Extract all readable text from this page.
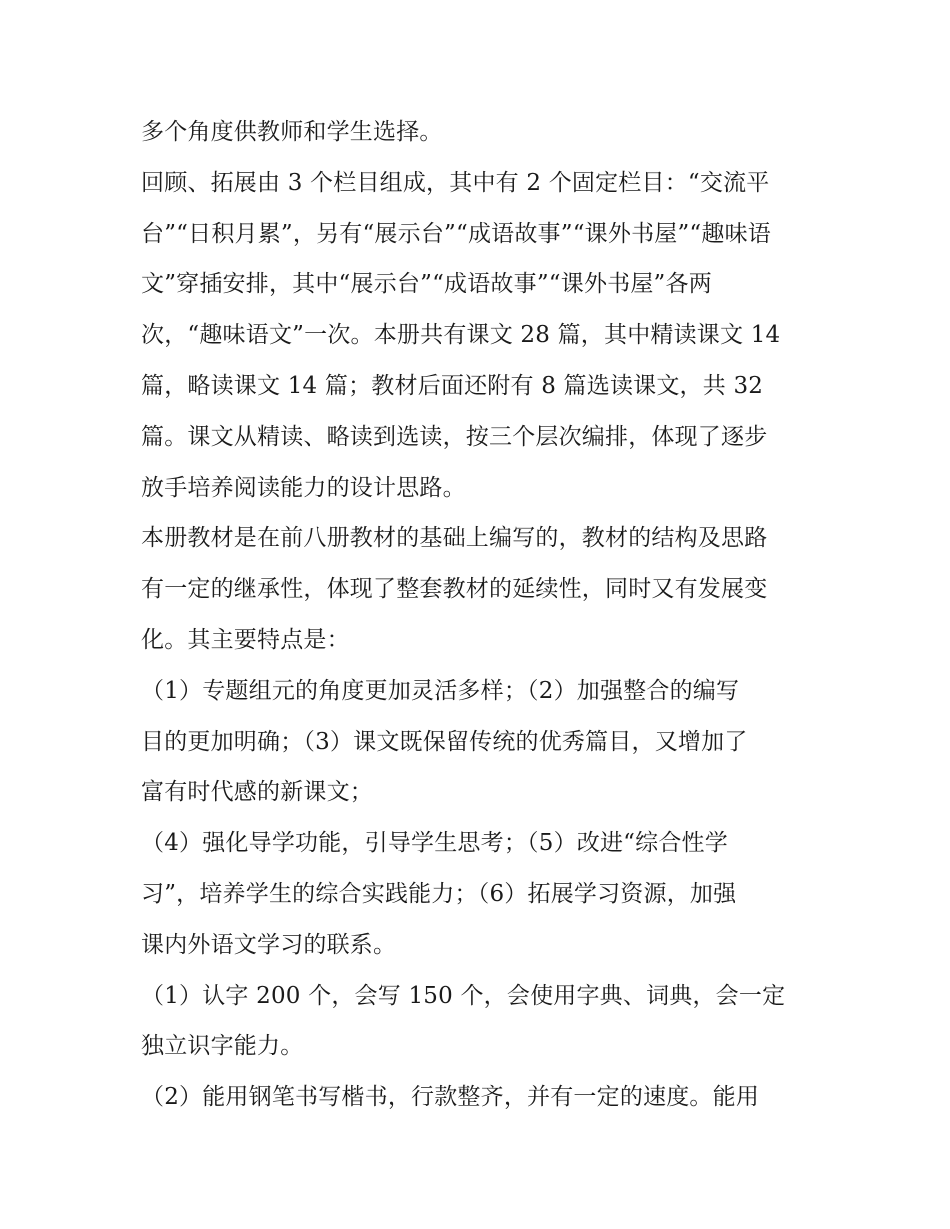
多个角度供教师和学生选择。
回顾、拓展由 3 个栏目组成，其中有 2 个固定栏目：“交流平
台”“日积月累”，另有“展示台”“成语故事”“课外书屋”“趣味语
文”穿插安排，其中“展示台”“成语故事”“课外书屋”各两
次，“趣味语文”一次。本册共有课文 28 篇，其中精读课文 14
篇，略读课文 14 篇；教材后面还附有 8 篇选读课文，共 32
篇。课文从精读、略读到选读，按三个层次编排，体现了逐步
放手培养阅读能力的设计思路。
本册教材是在前八册教材的基础上编写的，教材的结构及思路
有一定的继承性，体现了整套教材的延续性，同时又有发展变
化。其主要特点是：
（1）专题组元的角度更加灵活多样；（2）加强整合的编写
目的更加明确；（3）课文既保留传统的优秀篇目，又增加了
富有时代感的新课文；
（4）强化导学功能，引导学生思考；（5）改进“综合性学
习”，培养学生的综合实践能力；（6）拓展学习资源，加强
课内外语文学习的联系。
（1）认字 200 个，会写 150 个，会使用字典、词典，会一定
独立识字能力。
（2）能用钢笔书写楷书，行款整齐，并有一定的速度。能用
